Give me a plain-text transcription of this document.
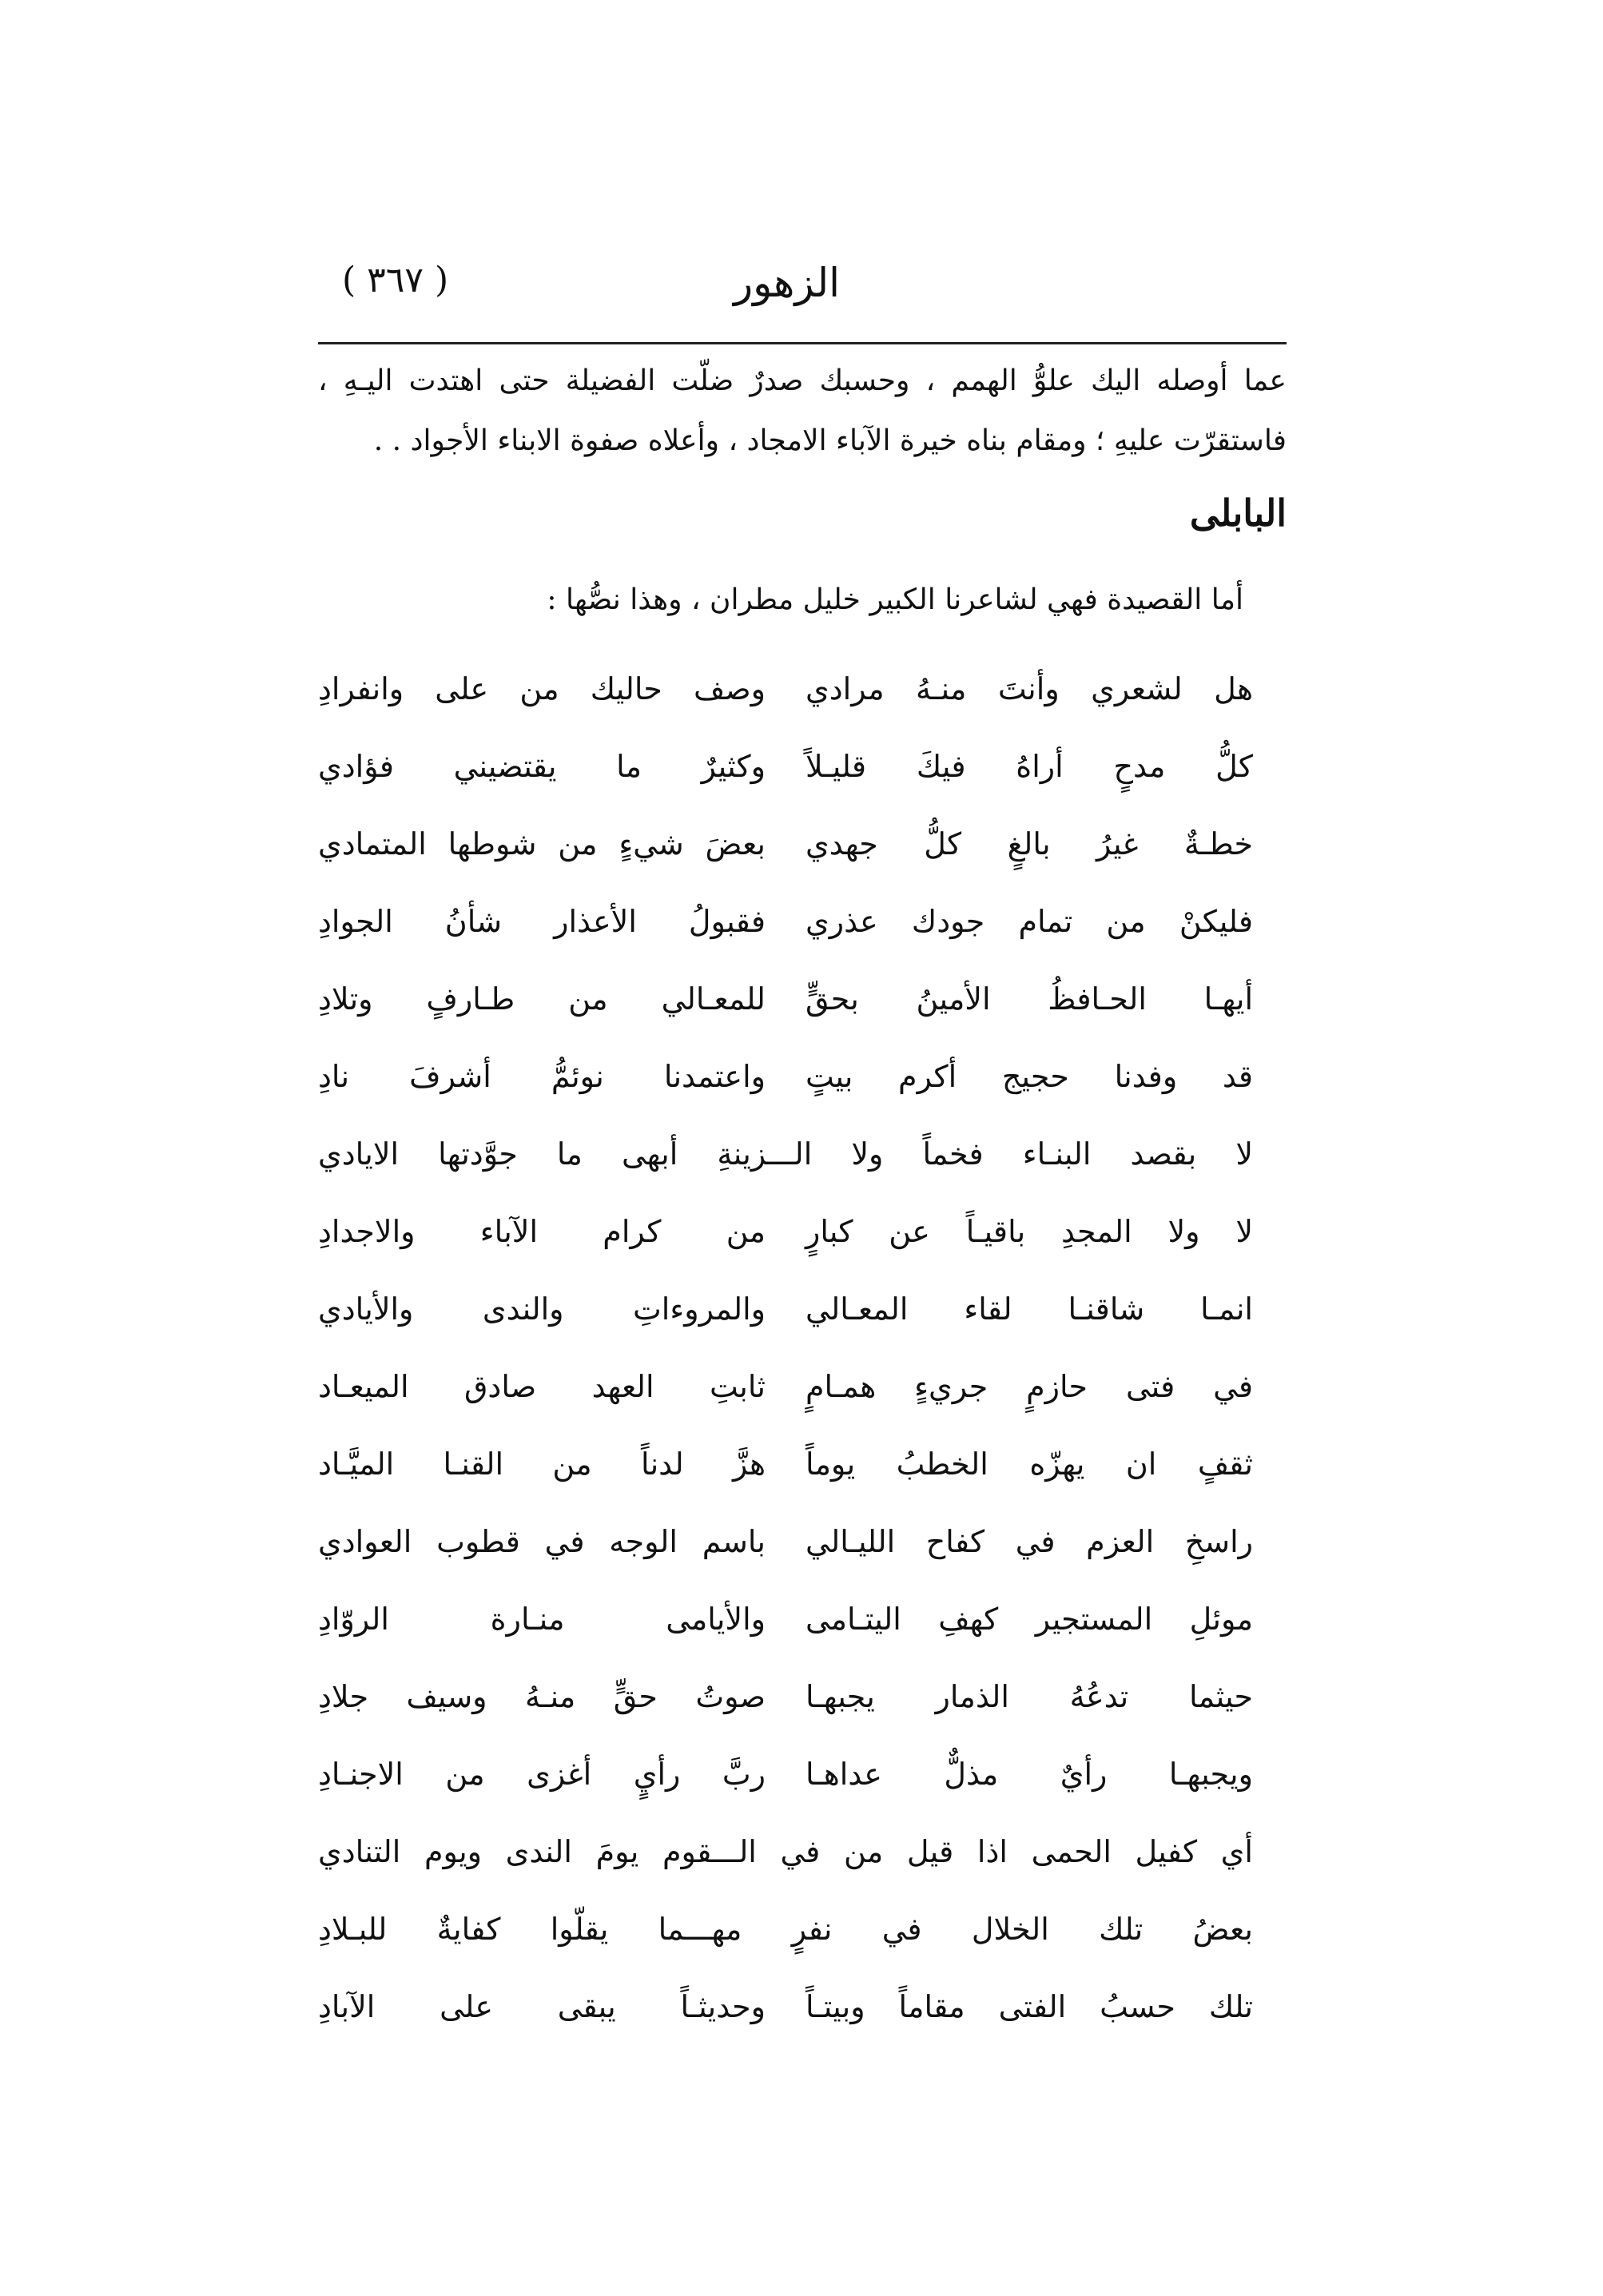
( ٣٦٧ )	الزهور
عما أوصله اليك علوُّ الهمم ، وحسبك صدرٌ ضلّت الفضيلة حتى اهتدت اليـهِ ،
فاستقرّت عليهِ ؛ ومقام بناه خيرة الآباء الامجاد ، وأعلاه صفوة الابناء الأجواد . .
البابلى
أما القصيدة فهي لشاعرنا الكبير خليل مطران ، وهذا نصُّها :
هل لشعري وأنتَ منـهُ مرادي
وصف حاليك من على وانفرادِ
كلُّ مدحٍ أراهُ فيكَ قليـلاً
وكثيرٌ ما يقتضيني فؤادي
خطـةٌ غيرُ بالغٍ كلُّ جهدي
بعضَ شيءٍ من شوطها المتمادي
فليكنْ من تمام جودك عذري
فقبولُ الأعذار شأنُ الجوادِ
أيهـا الحـافظُ الأمينُ بحقٍّ
للمعـالي من طـارفٍ وتلادِ
قد وفدنا حجيج أكرم بيتٍ
واعتمدنا نوئمُّ أشرفَ نادِ
لا بقصد البنـاء فخماً ولا الـــزينةِ أبهى ما جوَّدتها الايادي
لا ولا المجدِ باقيـاً عن كبارٍ
من كرام الآباء والاجدادِ
انمـا شاقنـا لقاء المعـالي
والمروءاتِ والندى والأيادي
في فتى حازمٍ جريءٍ همـامٍ
ثابتِ العهد صادق الميعـاد
ثقفٍ ان يهزّه الخطبُ يوماً
هزَّ لدناً من القنـا الميَّـاد
راسخِ العزم في كفاح الليـالي
باسم الوجه في قطوب العوادي
موئلِ المستجير كهفِ اليتـامى
والأيامى منـارة الروّادِ
حيثما تدعُهُ الذمار يجبهـا
صوتُ حقٍّ منـهُ وسيف جلادِ
ويجبهـا رأيٌ مذلٌّ عداهـا
ربَّ رأيٍ أغزى من الاجنـادِ
أي كفيل الحمى اذا قيل من في الـــقوم يومَ الندى ويوم التنادي
بعضُ تلك الخلال في نفرٍ مهـــما يقلّوا كفايةٌ للبـلادِ
تلك حسبُ الفتى مقاماً وبيتـاً
وحديثـاً يبقى على الآبادِ
